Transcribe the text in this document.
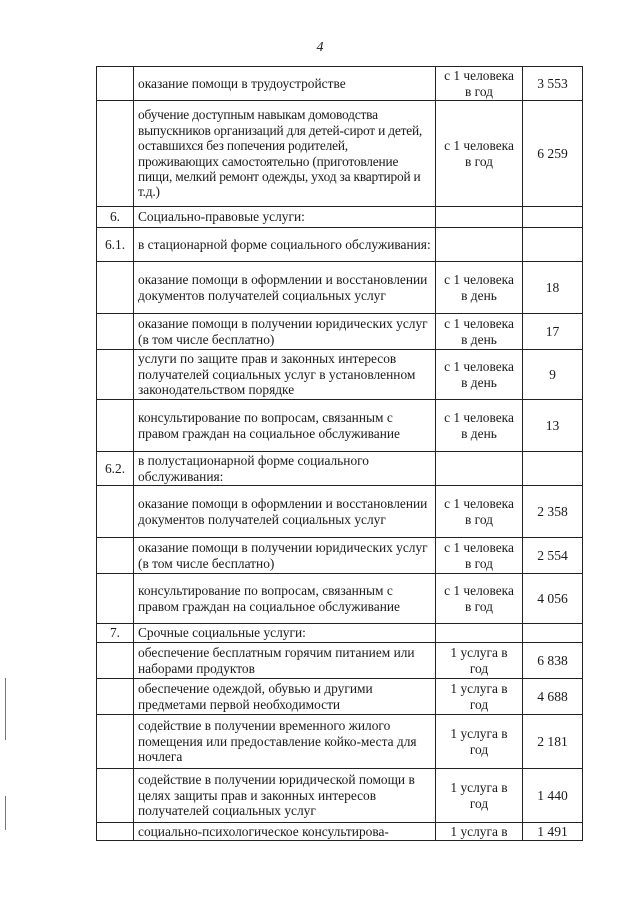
4
	оказание помощи в трудоустройстве	с 1 человека в год	3 553
	обучение доступным навыкам домоводства выпускников организаций для детей-сирот и детей, оставшихся без попечения родителей, проживающих самостоятельно (приготовление пищи, мелкий ремонт одежды, уход за квартирой и т.д.)	с 1 человека в год	6 259
6.	Социально-правовые услуги:		
6.1.	в стационарной форме социального обслуживания:		
	оказание помощи в оформлении и восстановлении документов получателей социальных услуг	с 1 человека в день	18
	оказание помощи в получении юридических услуг (в том числе бесплатно)	с 1 человека в день	17
	услуги по защите прав и законных интересов получателей социальных услуг в установленном законодательством порядке	с 1 человека в день	9
	консультирование по вопросам, связанным с правом граждан на социальное обслуживание	с 1 человека в день	13
6.2.	в полустационарной форме социального обслуживания:		
	оказание помощи в оформлении и восстановлении документов получателей социальных услуг	с 1 человека в год	2 358
	оказание помощи в получении юридических услуг (в том числе бесплатно)	с 1 человека в год	2 554
	консультирование по вопросам, связанным с правом граждан на социальное обслуживание	с 1 человека в год	4 056
7.	Срочные социальные услуги:		
	обеспечение бесплатным горячим питанием или наборами продуктов	1 услуга в год	6 838
	обеспечение одеждой, обувью и другими предметами первой необходимости	1 услуга в год	4 688
	содействие в получении временного жилого помещения или предоставление койко-места для ночлега	1 услуга в год	2 181
	содействие в получении юридической помощи в целях защиты прав и законных интересов получателей социальных услуг	1 услуга в год	1 440
	социально-психологическое консультирова-	1 услуга в	1 491
